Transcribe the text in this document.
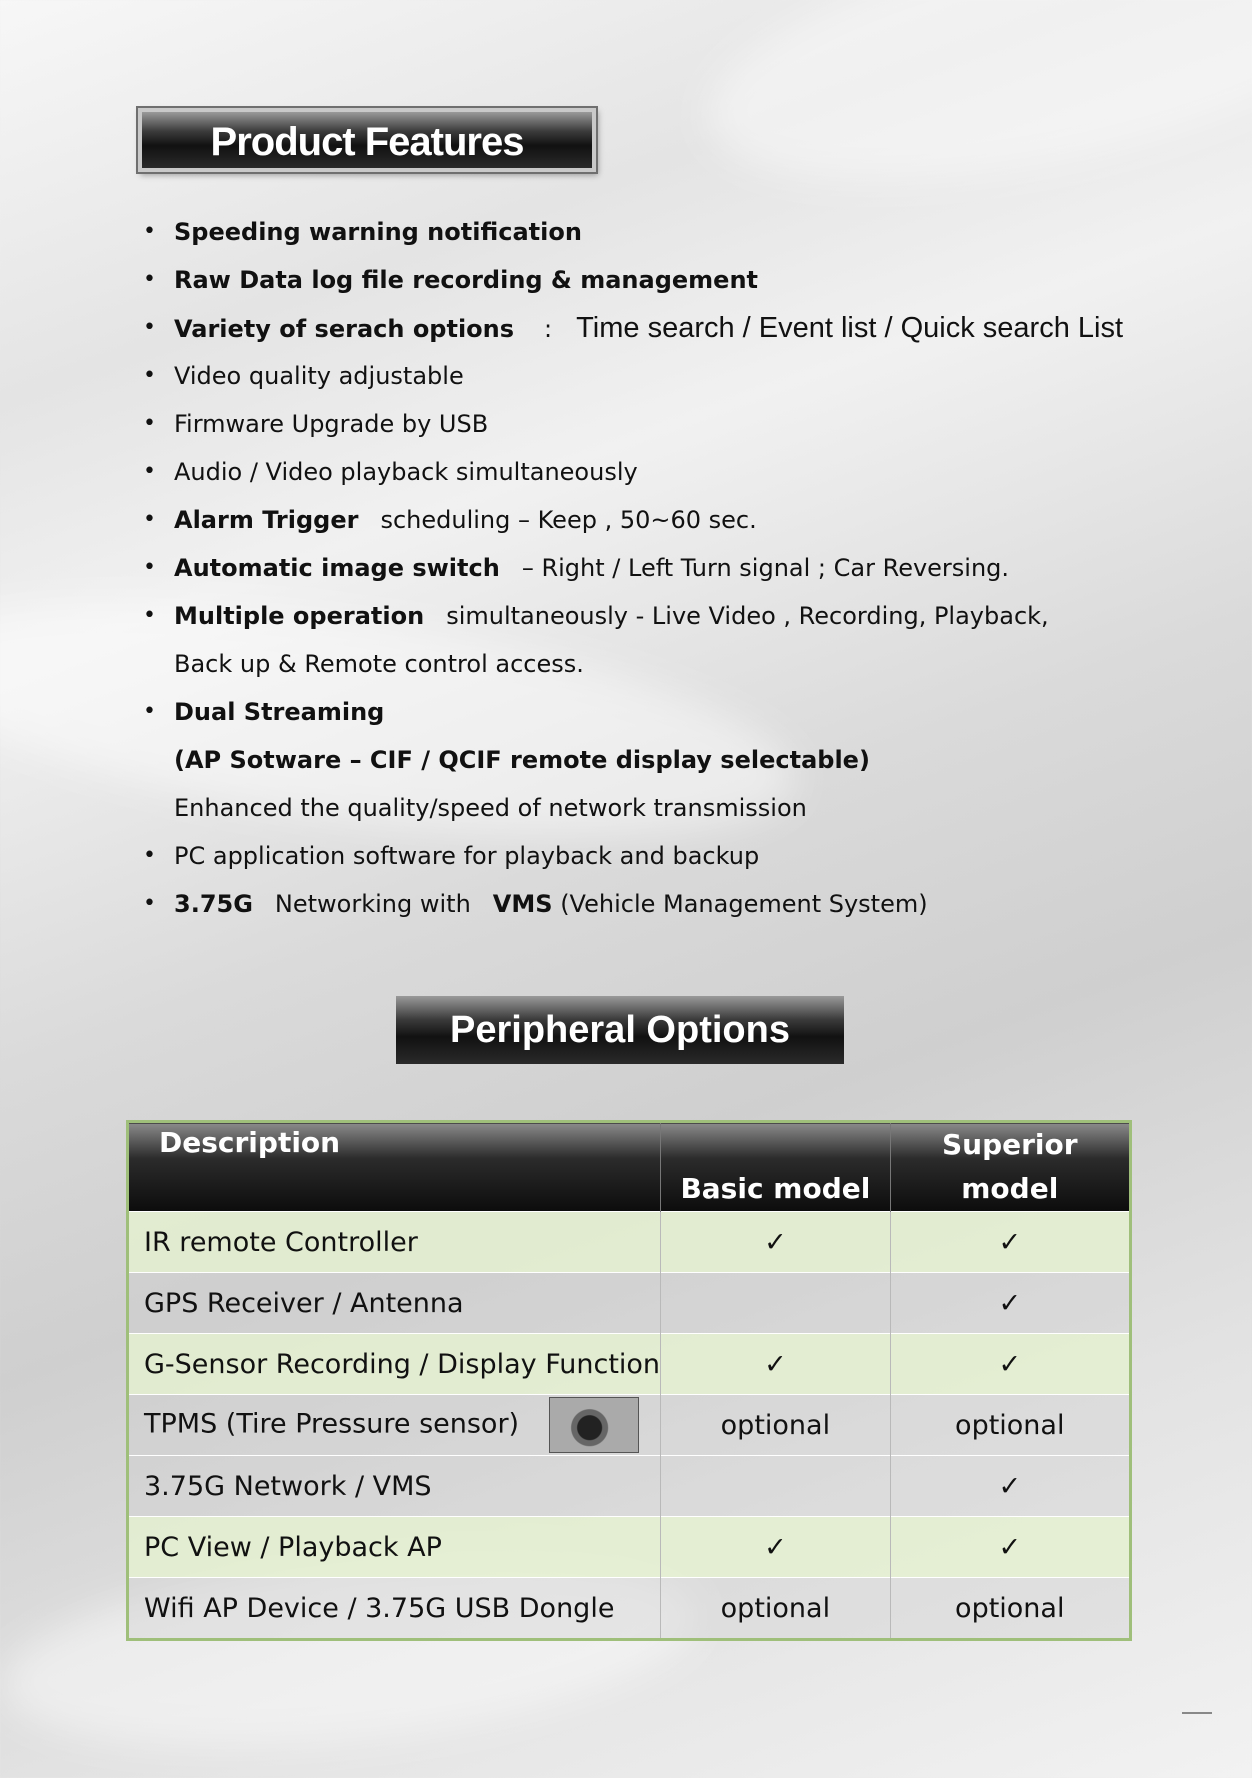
Product Features
• Speeding warning notification
• Raw Data log file recording & management
• Variety of serach options : Time search / Event list / Quick search List
• Video quality adjustable
• Firmware Upgrade by USB
• Audio / Video playback simultaneously
• Alarm Trigger scheduling – Keep , 50~60 sec.
• Automatic image switch – Right / Left Turn signal ; Car Reversing.
• Multiple operation simultaneously - Live Video , Recording, Playback,
Back up & Remote control access.
• Dual Streaming
(AP Sotware – CIF / QCIF remote display selectable)
Enhanced the quality/speed of network transmission
• PC application software for playback and backup
• 3.75G Networking with VMS (Vehicle Management System)
Peripheral Options
Description	Basic model	Superior model
IR remote Controller	✓	✓
GPS Receiver / Antenna		✓
G-Sensor Recording / Display Function	✓	✓
TPMS (Tire Pressure sensor)	optional	optional
3.75G Network / VMS		✓
PC View / Playback AP	✓	✓
Wifi AP Device / 3.75G USB Dongle	optional	optional
